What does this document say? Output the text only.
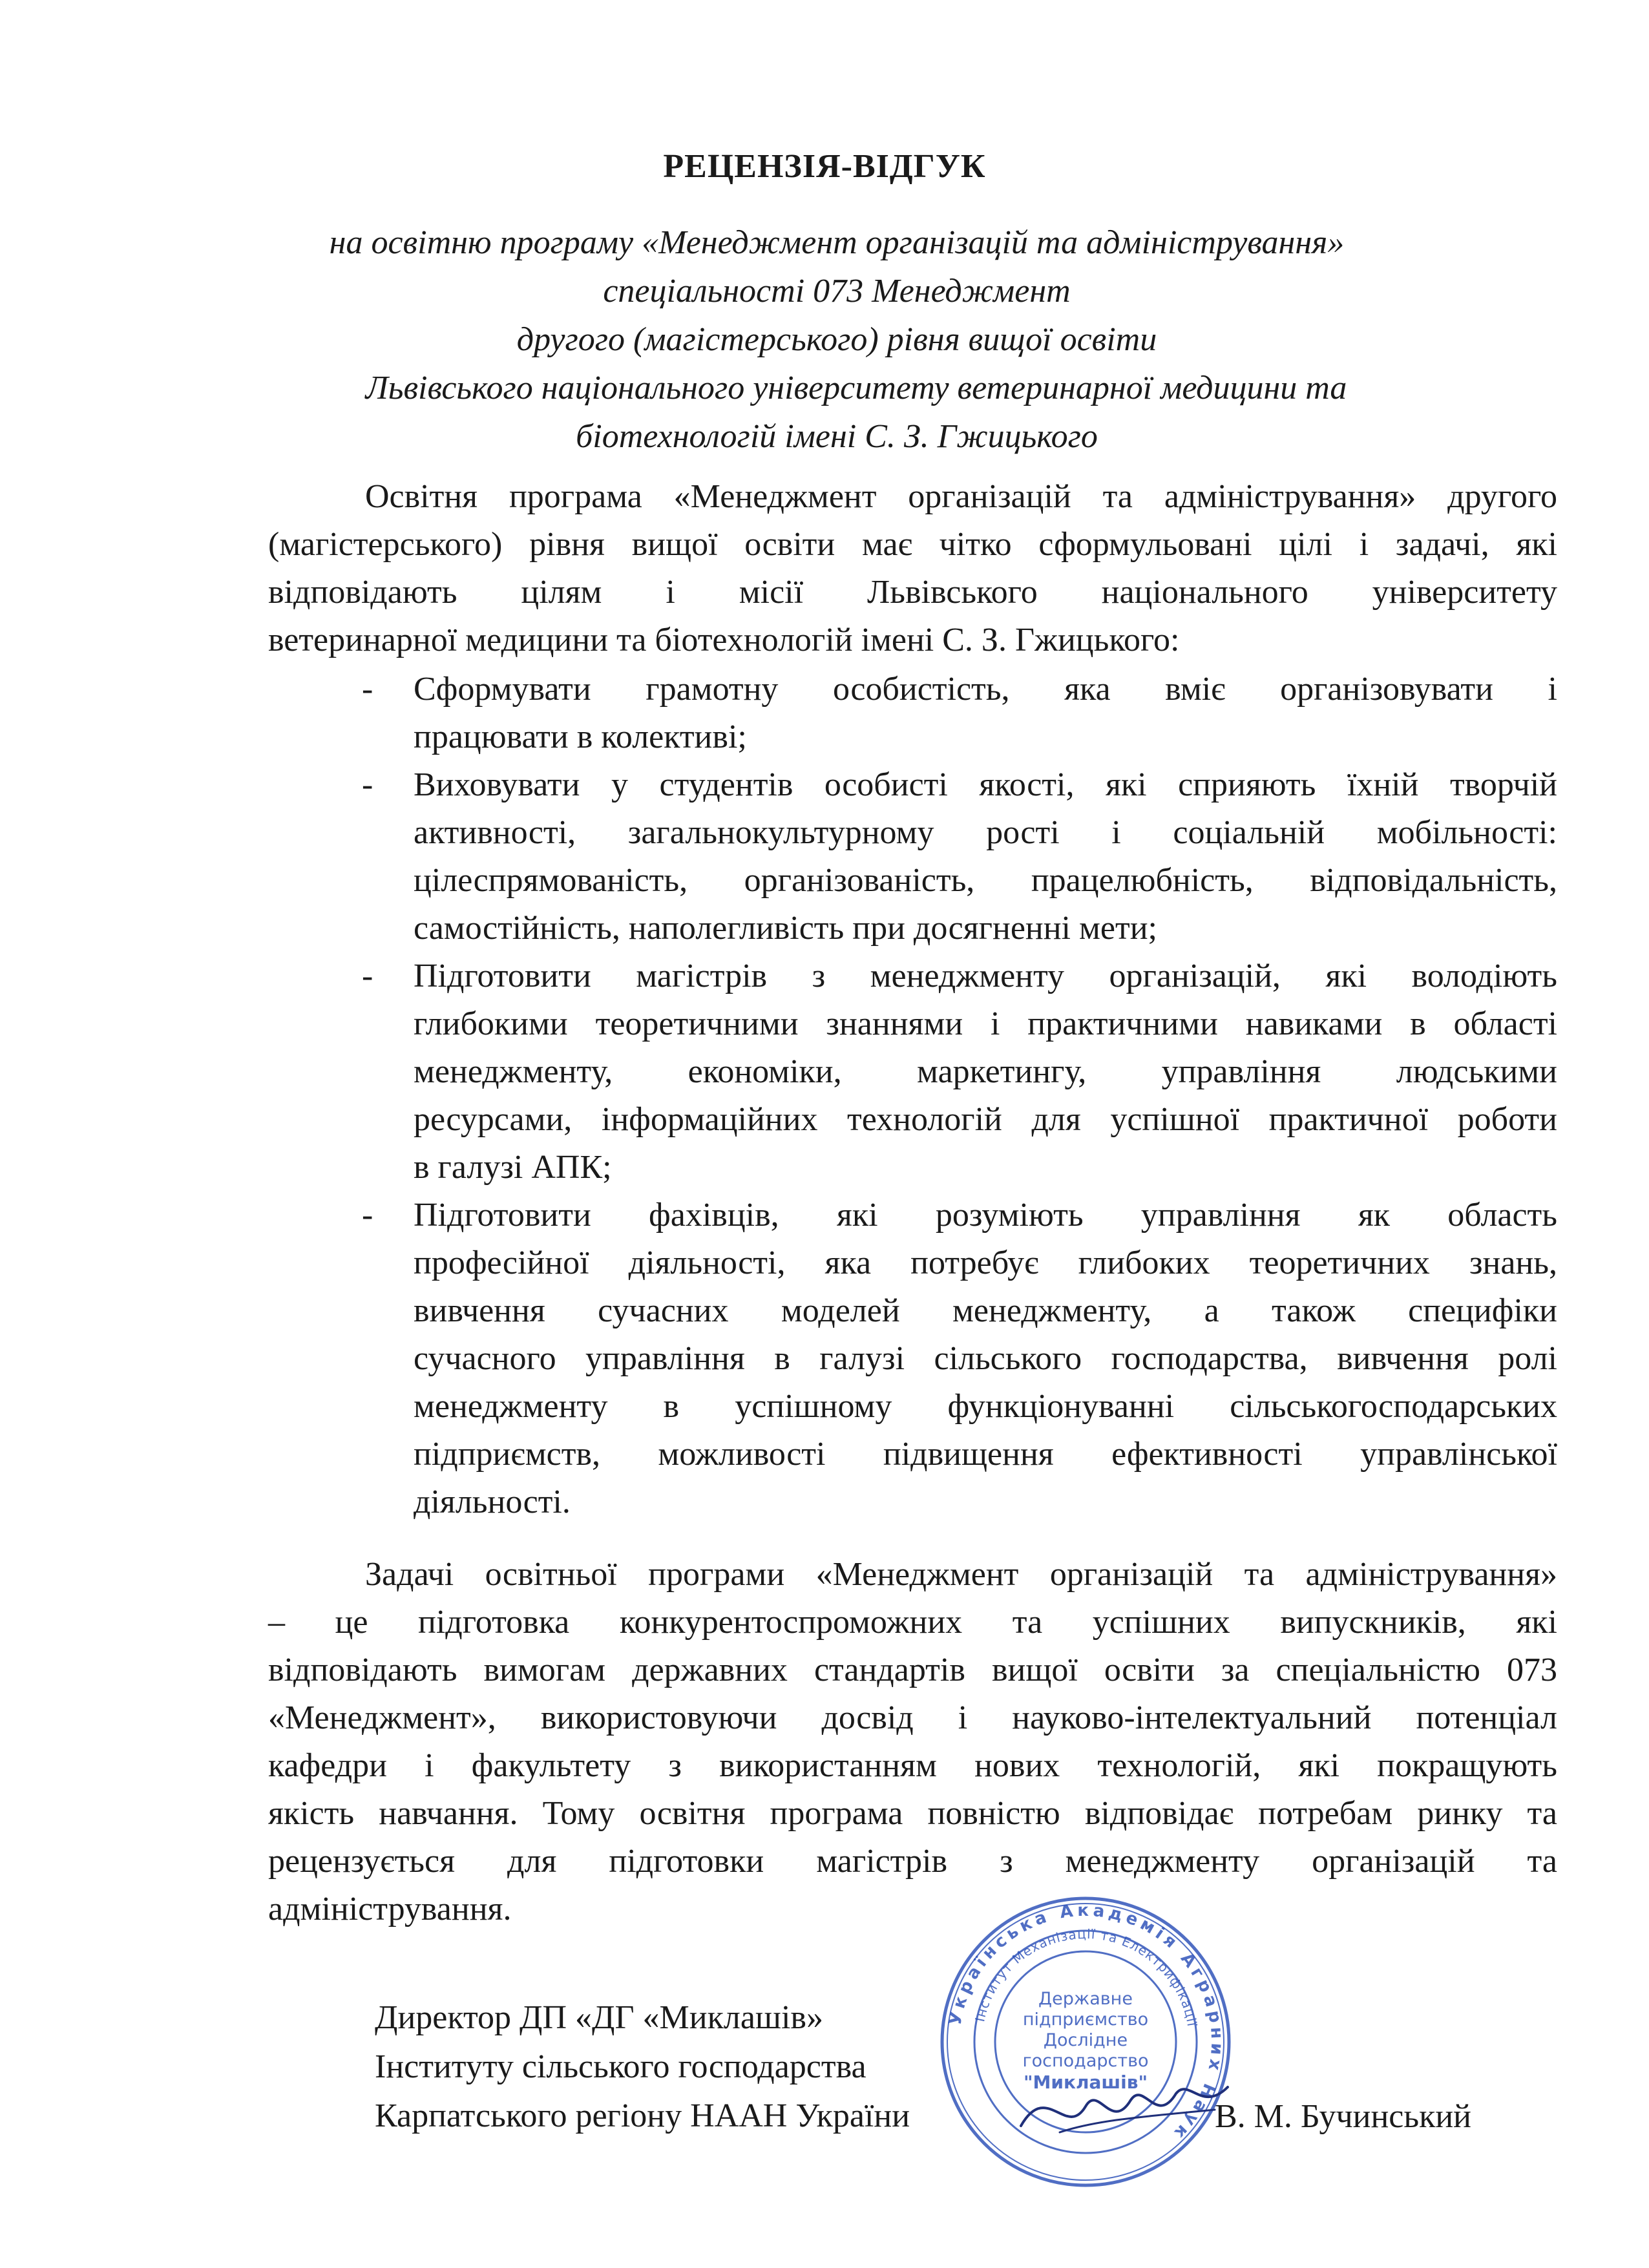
РЕЦЕНЗІЯ-ВІДГУК
на освітню програму «Менеджмент організацій та адміністрування»
спеціальності 073 Менеджмент
другого (магістерського) рівня вищої освіти
Львівського національного університету ветеринарної медицини та
біотехнологій імені С. З. Гжицького
Освітня програма «Менеджмент організацій та адміністрування» другого
(магістерського) рівня вищої освіти має чітко сформульовані цілі і задачі, які
відповідають цілям і місії Львівського національного університету
ветеринарної медицини та біотехнологій імені С. З. Гжицького:
- Сформувати грамотну особистість, яка вміє організовувати і
працювати в колективі;
- Виховувати у студентів особисті якості, які сприяють їхній творчій
активності, загальнокультурному рості і соціальній мобільності:
цілеспрямованість, організованість, працелюбність, відповідальність,
самостійність, наполегливість при досягненні мети;
- Підготовити магістрів з менеджменту організацій, які володіють
глибокими теоретичними знаннями і практичними навиками в області
менеджменту, економіки, маркетингу, управління людськими
ресурсами, інформаційних технологій для успішної практичної роботи
в галузі АПК;
- Підготовити фахівців, які розуміють управління як область
професійної діяльності, яка потребує глибоких теоретичних знань,
вивчення сучасних моделей менеджменту, а також специфіки
сучасного управління в галузі сільського господарства, вивчення ролі
менеджменту в успішному функціонуванні сільськогосподарських
підприємств, можливості підвищення ефективності управлінської
діяльності.
Задачі освітньої програми «Менеджмент організацій та адміністрування»
– це підготовка конкурентоспроможних та успішних випускників, які
відповідають вимогам державних стандартів вищої освіти за спеціальністю 073
«Менеджмент», використовуючи досвід і науково-інтелектуальний потенціал
кафедри і факультету з використанням нових технологій, які покращують
якість навчання. Тому освітня програма повністю відповідає потребам ринку та
рецензується для підготовки магістрів з менеджменту організацій та
адміністрування.
Українська Академія Аграрних Наук
Інститут Механізації та Електрифікації
Державне
підприємство
Дослідне
господарство
"Миклашів"
Директор ДП «ДГ «Миклашів»
Інституту сільського господарства
Карпатського регіону НААН України	В. М. Бучинський
